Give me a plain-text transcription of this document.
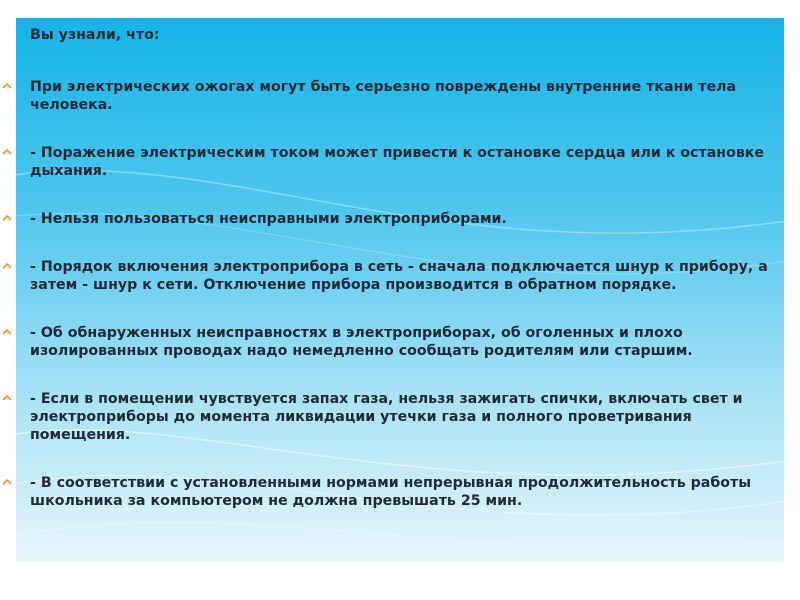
Вы узнали, что:
При электрических ожогах могут быть серьезно повреждены внутренние ткани тела человека.
- Поражение электрическим током может привести к остановке сердца или к остановке дыхания.
- Нельзя пользоваться неисправными электроприборами.
- Порядок включения электроприбора в сеть - сначала подключается шнур к прибору, а затем - шнур к сети. Отключение прибора производится в обратном порядке.
- Об обнаруженных неисправностях в электроприборах, об оголенных и плохо изолированных проводах надо немедленно сообщать родителям или старшим.
- Если в помещении чувствуется запах газа, нельзя зажигать спички, включать свет и электроприборы до момента ликвидации утечки газа и полного проветривания помещения.
- В соответствии с установленными нормами непрерывная продолжительность работы школьника за компьютером не должна превышать 25 мин.
